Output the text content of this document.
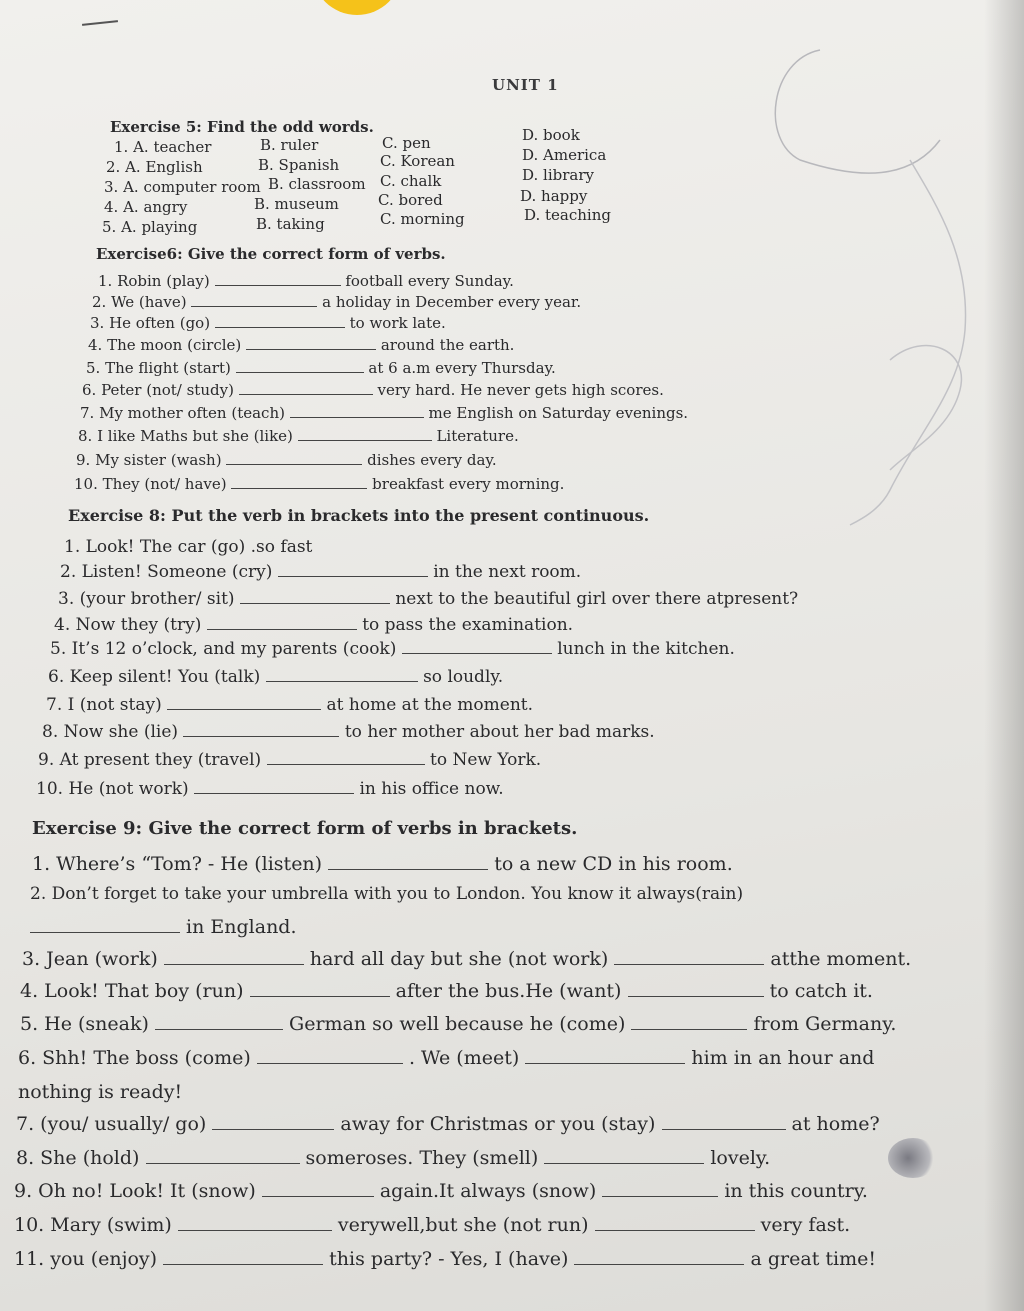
UNIT 1
Exercise 5: Find the odd words.
1. A. teacher	B. ruler	C. pen	D. book
2. A. English	B. Spanish	C. Korean	D. America
3. A. computer room B. classroom C. chalk	D. library
4. A. angry	B. museum	C. bored	D. happy
5. A. playing	B. taking	C. morning	D. teaching
Exercise6: Give the correct form of verbs.
1. Robin (play)	football every Sunday.
2. We (have)	a holiday in December every year.
3. He often (go)	to work late.
4. The moon (circle)	around the earth.
5. The flight (start)	at 6 a.m every Thursday.
6. Peter (not/ study)	very hard. He never gets high scores.
7. My mother often (teach)	me English on Saturday evenings.
8. I like Maths but she (like)	Literature.
9. My sister (wash)	dishes every day.
10. They (not/ have)	breakfast every morning.
Exercise 8: Put the verb in brackets into the present continuous.
1. Look! The car (go) .so fast
2. Listen! Someone (cry)	in the next room.
3. (your brother/ sit)	next to the beautiful girl over there atpresent?
4. Now they (try)	to pass the examination.
5. It’s 12 o’clock, and my parents (cook)	lunch in the kitchen.
6. Keep silent! You (talk)	so loudly.
7. I (not stay)	at home at the moment.
8. Now she (lie)	to her mother about her bad marks.
9. At present they (travel)	to New York.
10. He (not work)	in his office now.
Exercise 9: Give the correct form of verbs in brackets.
1. Where’s “Tom? - He (listen)	to a new CD in his room.
2. Don’t forget to take your umbrella with you to London. You know it always(rain)
in England.
3. Jean (work)	hard all day but she (not work)	atthe moment.
4. Look! That boy (run)	after the bus.He (want)	to catch it.
5. He (sneak)	German so well because he (come)	from Germany.
6. Shh! The boss (come)	. We (meet)	him in an hour and
nothing is ready!
7. (you/ usually/ go)	away for Christmas or you (stay)	at home?
8. She (hold)	someroses. They (smell)	lovely.
9. Oh no! Look! It (snow)	again.It always (snow)	in this country.
10. Mary (swim)	verywell,but she (not run)	very fast.
11. you (enjoy)	this party? - Yes, I (have)	a great time!
